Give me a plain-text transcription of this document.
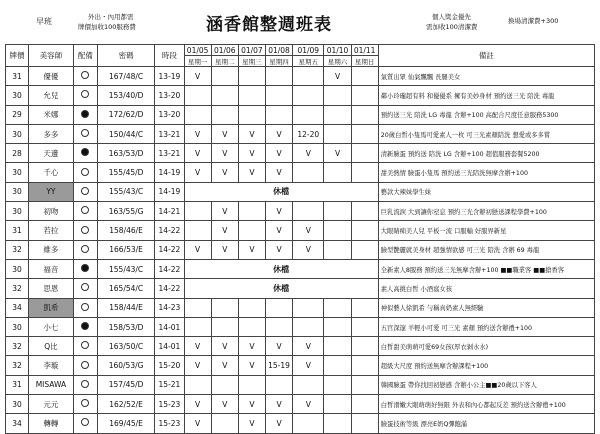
早班	外出・內用都需
牌價加收100服務費	涵香館整週班表	個人獎金優先
需加收100清潔費
換場清潔費+300
牌價	美容師	配備	密碼	時段	01/05	01/06	01/07	01/08	01/09	01/10	01/11	備註
					星期一	星期二	星期三	星期四	星期五	星期六	星期日	
31	優優		167/48/C	13-19	V					V		氣質出眾 仙氣飄飄 長腿美女
30	允兒		153/40/D	13-20								鄰小玲瓏超有料 和優優系 擁有美妙身材 預約送三光 陪洗 毒龍
29	米娜		172/62/D	13-20								預約送三光 陪洗 LG 毒龍 含辦+100 高配合尺度任意服務5300
30	多多		150/44/C	13-21	V	V	V	V	12-20			20歲白皙小隻馬可愛素人一枚 可三光素顏陪洗 想愛或多多嘗
28	天邊		163/53/D	13-21	V	V	V	V	V	V		清新臉蛋 預約送 陪洗 LG 含辦+100 超值服務套餐5200
30	千心		155/45/D	14-19	V	V	V	V				甜美熱情 臉蛋小隻馬 預約送三光陪洗無摩含辦+100
30	YY		155/43/C	14-19	休檔							藝款大辣妹學生妹
30	初吻		163/55/G	14-21		V		V				巨乳流淚 大到讓你窒息 預約三光含辦初戀送課程學費+100
31	若拉		158/46/E	14-22		V		V	V			大眼睛痴美人兒 平板一流 口服輸 好服界新星
32	維多		166/53/E	14-22	V	V	V	V	V			臉型艷麗就美身材 超強情欲感 可三光 陪洗 含辦 69 毒龍
30	福音		155/43/C	14-22	休檔							全新素人8服務 預約送三光無摩含辦+100 ■■職業客 ■■搶香客
32	思恩		165/54/C	14-22	休檔							素人高挑白皙 小酒窩女孩
34	凱希		158/44/E	14-23								神似藝人徐凱希 勻稱真奶素人無經驗
30	小七		158/53/D	14-01								五官深邃 羊輕小可愛 可三光 素顏 預約送含辦禮+100
32	Q比		163/50/C	14-01	V	V	V	V	V			白皙甜美萌萌可愛69女孩(厚衣剝水水)
32	李璇		160/53/G	15-20	V	V	V	15-19	V			超級大尺度 預約送無摩含辦課程+100
31	MISAWA		157/45/D	15-21								韓國臉蛋 帶你找回初戀感 含辦小公主■■20歲以下客人
30	元元		162/52/E	15-23	V	V	V	V	V			白皙滑嫩大眼萌萌好無限 外表和內心都起反差 預約送含辦禮+100
34	轉轉		169/45/E	15-23	V		V	V				臉蛋技術等級 漂亮E奶Q彈飽滿
